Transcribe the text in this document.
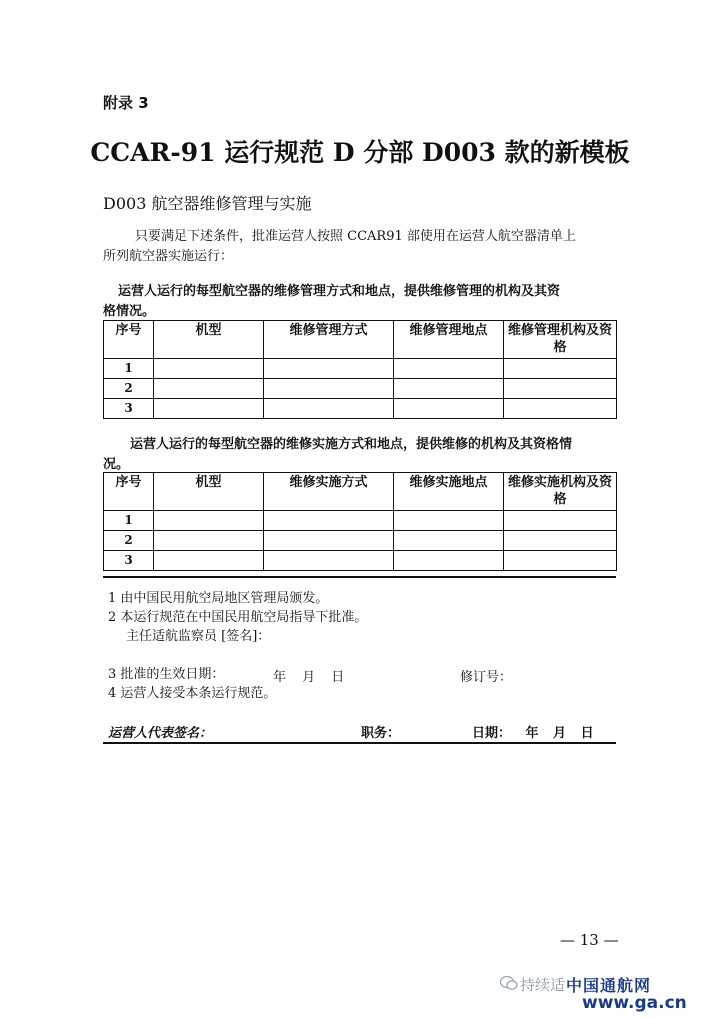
附录 3
CCAR-91 运行规范 D 分部 D003 款的新模板
D003 航空器维修管理与实施
只要满足下述条件，批准运营人按照 CCAR91 部使用在运营人航空器清单上
所列航空器实施运行：
运营人运行的每型航空器的维修管理方式和地点，提供维修管理的机构及其资
格情况。
序号	机型	维修管理方式	维修管理地点	维修管理机构及资格
1				
2				
3				
运营人运行的每型航空器的维修实施方式和地点，提供维修的机构及其资格情
况。
序号	机型	维修实施方式	维修实施地点	维修实施机构及资格
1				
2				
3				
1 由中国民用航空局地区管理局颁发。
2 本运行规范在中国民用航空局指导下批准。
主任适航监察员 [签名]：
3 批准的生效日期：	年 月 日	修订号：
4 运营人接受本条运行规范。
运营人代表签名：	职务：	日期： 年 月 日
— 13 —
持续适 中国通航网
www.ga.cn
